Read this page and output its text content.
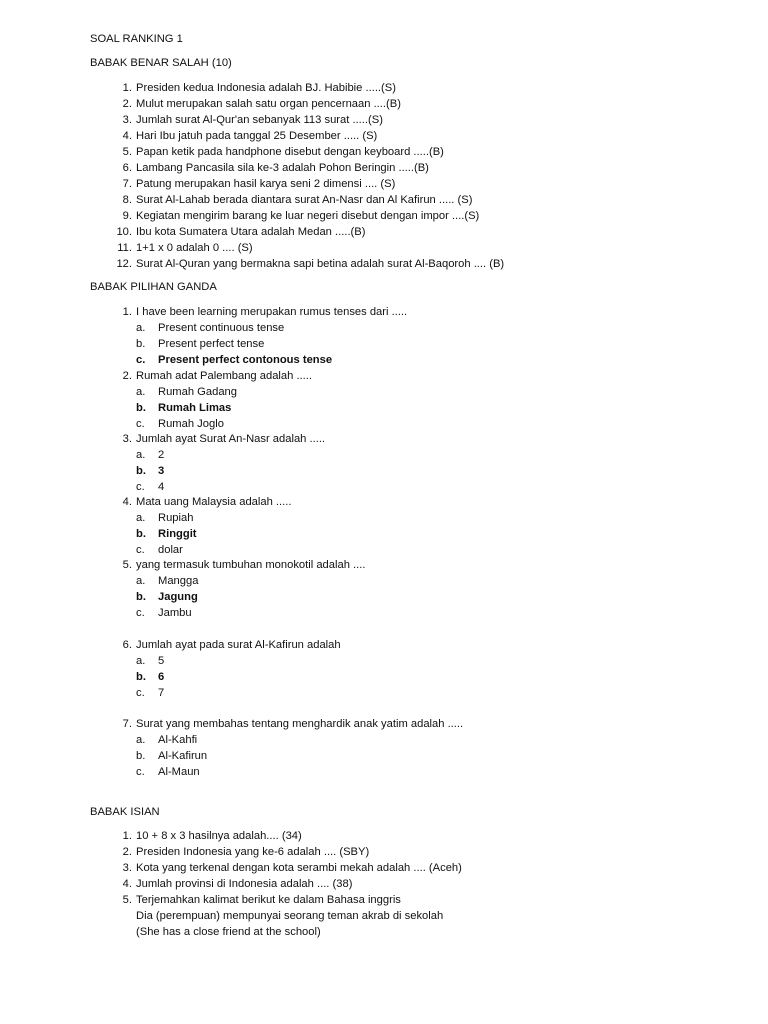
SOAL RANKING 1
BABAK BENAR SALAH (10)
BABAK PILIHAN GANDA
BABAK ISIAN
1. Presiden kedua Indonesia adalah BJ. Habibie .....(S)
2. Mulut merupakan salah satu organ pencernaan ....(B)
3. Jumlah surat Al-Qur'an sebanyak 113 surat .....(S)
4. Hari Ibu jatuh pada tanggal 25 Desember ..... (S)
5. Papan ketik pada handphone disebut dengan keyboard .....(B)
6. Lambang Pancasila sila ke-3 adalah Pohon Beringin .....(B)
7. Patung merupakan hasil karya seni 2 dimensi .... (S)
8. Surat Al-Lahab berada diantara surat An-Nasr dan Al Kafirun ..... (S)
9. Kegiatan mengirim barang ke luar negeri disebut dengan impor ....(S)
10. Ibu kota Sumatera Utara adalah Medan .....(B)
11. 1+1 x 0 adalah 0 .... (S)
12. Surat Al-Quran yang bermakna sapi betina adalah surat Al-Baqoroh .... (B)
1. I have been learning merupakan rumus tenses dari .....
a. Present continuous tense
b. Present perfect tense
c. Present perfect contonous tense
2. Rumah adat Palembang adalah .....
a. Rumah Gadang
b. Rumah Limas
c. Rumah Joglo
3. Jumlah ayat Surat An-Nasr adalah .....
a. 2
b. 3
c. 4
4. Mata uang Malaysia adalah .....
a. Rupiah
b. Ringgit
c. dolar
5. yang termasuk tumbuhan monokotil adalah ....
a. Mangga
b. Jagung
c. Jambu
6. Jumlah ayat pada surat Al-Kafirun adalah
a. 5
b. 6
c. 7
7. Surat yang membahas tentang menghardik anak yatim adalah .....
a. Al-Kahfi
b. Al-Kafirun
c. Al-Maun
1. 10 + 8 x 3 hasilnya adalah.... (34)
2. Presiden Indonesia yang ke-6 adalah .... (SBY)
3. Kota yang terkenal dengan kota serambi mekah adalah .... (Aceh)
4. Jumlah provinsi di Indonesia adalah .... (38)
5. Terjemahkan kalimat berikut ke dalam Bahasa inggris
Dia (perempuan) mempunyai seorang teman akrab di sekolah
(She has a close friend at the school)
